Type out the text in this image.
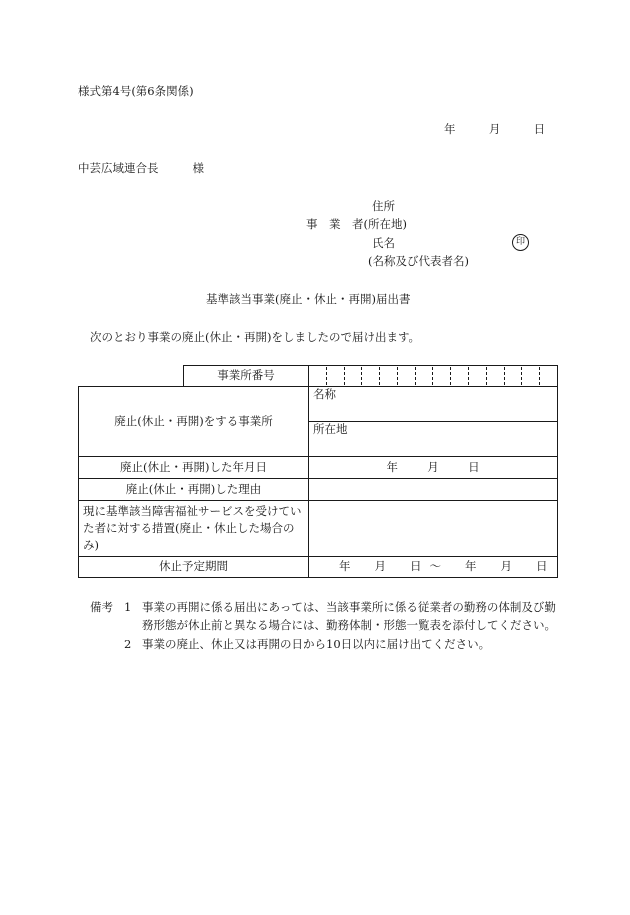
様式第4号(第6条関係)
年	月	日
中芸広域連合長	様
住所
事　業　者(所在地)
氏名	印
(名称及び代表者名)
基準該当事業(廃止・休止・再開)届出書
次のとおり事業の廃止(休止・再開)をしましたので届け出ます。
	事業所番号	

廃止(休止・再開)をする事業所		名称
		所在地
廃止(休止・再開)した年月日		年 月 日
廃止(休止・再開)した理由		
現に基準該当障害福祉サービスを受けていた者に対する措置(廃止・休止した場合のみ)		
休止予定期間		年 月 日 ～ 年 月 日
備考 1 事業の再開に係る届出にあっては、当該事業所に係る従業者の勤務の体制及び勤務形態が休止前と異なる場合には、勤務体制・形態一覧表を添付してください。
2 事業の廃止、休止又は再開の日から10日以内に届け出てください。
